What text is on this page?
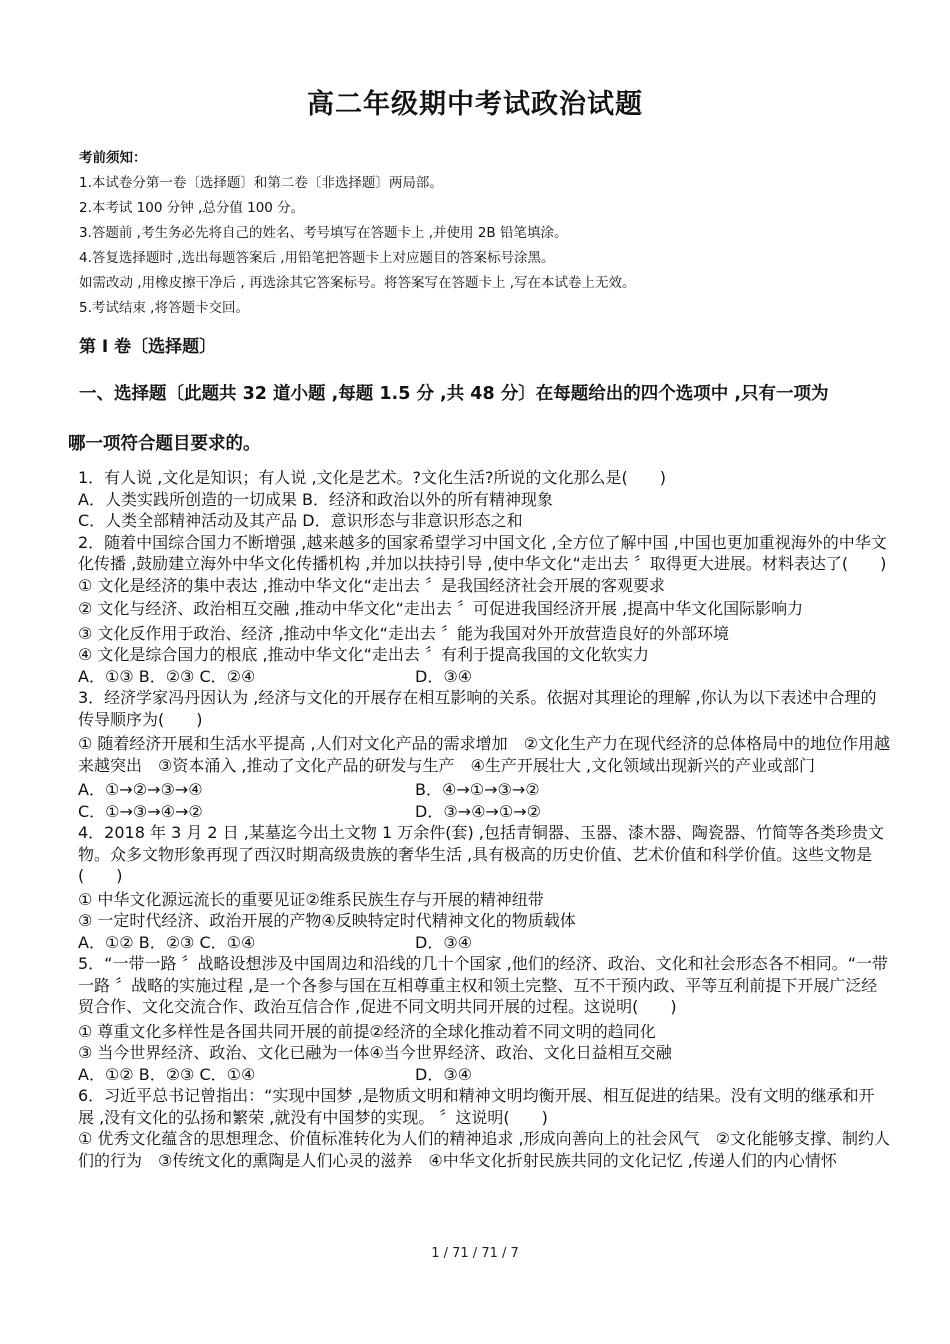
高二年级期中考试政治试题
考前须知：
1.本试卷分第一卷〔选择题〕和第二卷〔非选择题〕两局部。
2.本考试 100 分钟 ,总分值 100 分。
3.答题前 ,考生务必先将自己的姓名、考号填写在答题卡上 ,并使用 2B 铅笔填涂。
4.答复选择题时 ,选出每题答案后 ,用铅笔把答题卡上对应题目的答案标号涂黑。
如需改动 ,用橡皮擦干净后 , 再选涂其它答案标号。将答案写在答题卡上 ,写在本试卷上无效。
5.考试结束 ,将答题卡交回。
第 I 卷〔选择题〕
一、选择题〔此题共 32 道小题 ,每题 1.5 分 ,共 48 分〕在每题给出的四个选项中 ,只有一项为
哪一项符合题目要求的。
1．有人说 ,文化是知识；有人说 ,文化是艺术。?文化生活?所说的文化那么是(　　)
A．人类实践所创造的一切成果 B．经济和政治以外的所有精神现象
C．人类全部精神活动及其产品 D．意识形态与非意识形态之和
2．随着中国综合国力不断增强 ,越来越多的国家希望学习中国文化 ,全方位了解中国 ,中国也更加重视海外的中华文化传播 ,鼓励建立海外中华文化传播机构 ,并加以扶持引导 ,使中华文化“走出去 〞取得更大进展。材料表达了(　　)
① 文化是经济的集中表达 ,推动中华文化“走出去 〞是我国经济社会开展的客观要求
② 文化与经济、政治相互交融 ,推动中华文化“走出去 〞可促进我国经济开展 ,提高中华文化国际影响力
③ 文化反作用于政治、经济 ,推动中华文化“走出去 〞能为我国对外开放营造良好的外部环境
④ 文化是综合国力的根底 ,推动中华文化“走出去 〞有利于提高我国的文化软实力
A．①③ B．②③ C．②④	D．③④
3．经济学家冯丹因认为 ,经济与文化的开展存在相互影响的关系。依据对其理论的理解 ,你认为以下表述中合理的传导顺序为(　　)
① 随着经济开展和生活水平提高 ,人们对文化产品的需求增加　②文化生产力在现代经济的总体格局中的地位作用越来越突出　③资本涌入 ,推动了文化产品的研发与生产　④生产开展壮大 ,文化领域出现新兴的产业或部门
A．①→②→③→④	B．④→①→③→②
C．①→③→④→②	D．③→④→①→②
4．2018 年 3 月 2 日 ,某墓迄今出土文物 1 万余件(套) ,包括青铜器、玉器、漆木器、陶瓷器、竹简等各类珍贵文物。众多文物形象再现了西汉时期高级贵族的奢华生活 ,具有极高的历史价值、艺术价值和科学价值。这些文物是(　　)
① 中华文化源远流长的重要见证②维系民族生存与开展的精神纽带
③ 一定时代经济、政治开展的产物④反映特定时代精神文化的物质载体
A．①② B．②③ C．①④	D．③④
5．“一带一路 〞战略设想涉及中国周边和沿线的几十个国家 ,他们的经济、政治、文化和社会形态各不相同。“一带一路 〞战略的实施过程 ,是一个各参与国在互相尊重主权和领土完整、互不干预内政、平等互利前提下开展广泛经贸合作、文化交流合作、政治互信合作 ,促进不同文明共同开展的过程。这说明(　　)
① 尊重文化多样性是各国共同开展的前提②经济的全球化推动着不同文明的趋同化
③ 当今世界经济、政治、文化已融为一体④当今世界经济、政治、文化日益相互交融
A．①② B．②③ C．①④	D．③④
6．习近平总书记曾指出：“实现中国梦 ,是物质文明和精神文明均衡开展、相互促进的结果。没有文明的继承和开展 ,没有文化的弘扬和繁荣 ,就没有中国梦的实现。 〞这说明(　　)
① 优秀文化蕴含的思想理念、价值标准转化为人们的精神追求 ,形成向善向上的社会风气　②文化能够支撑、制约人们的行为　③传统文化的熏陶是人们心灵的滋养　④中华文化折射民族共同的文化记忆 ,传递人们的内心情怀
1 / 71 / 71 / 7
